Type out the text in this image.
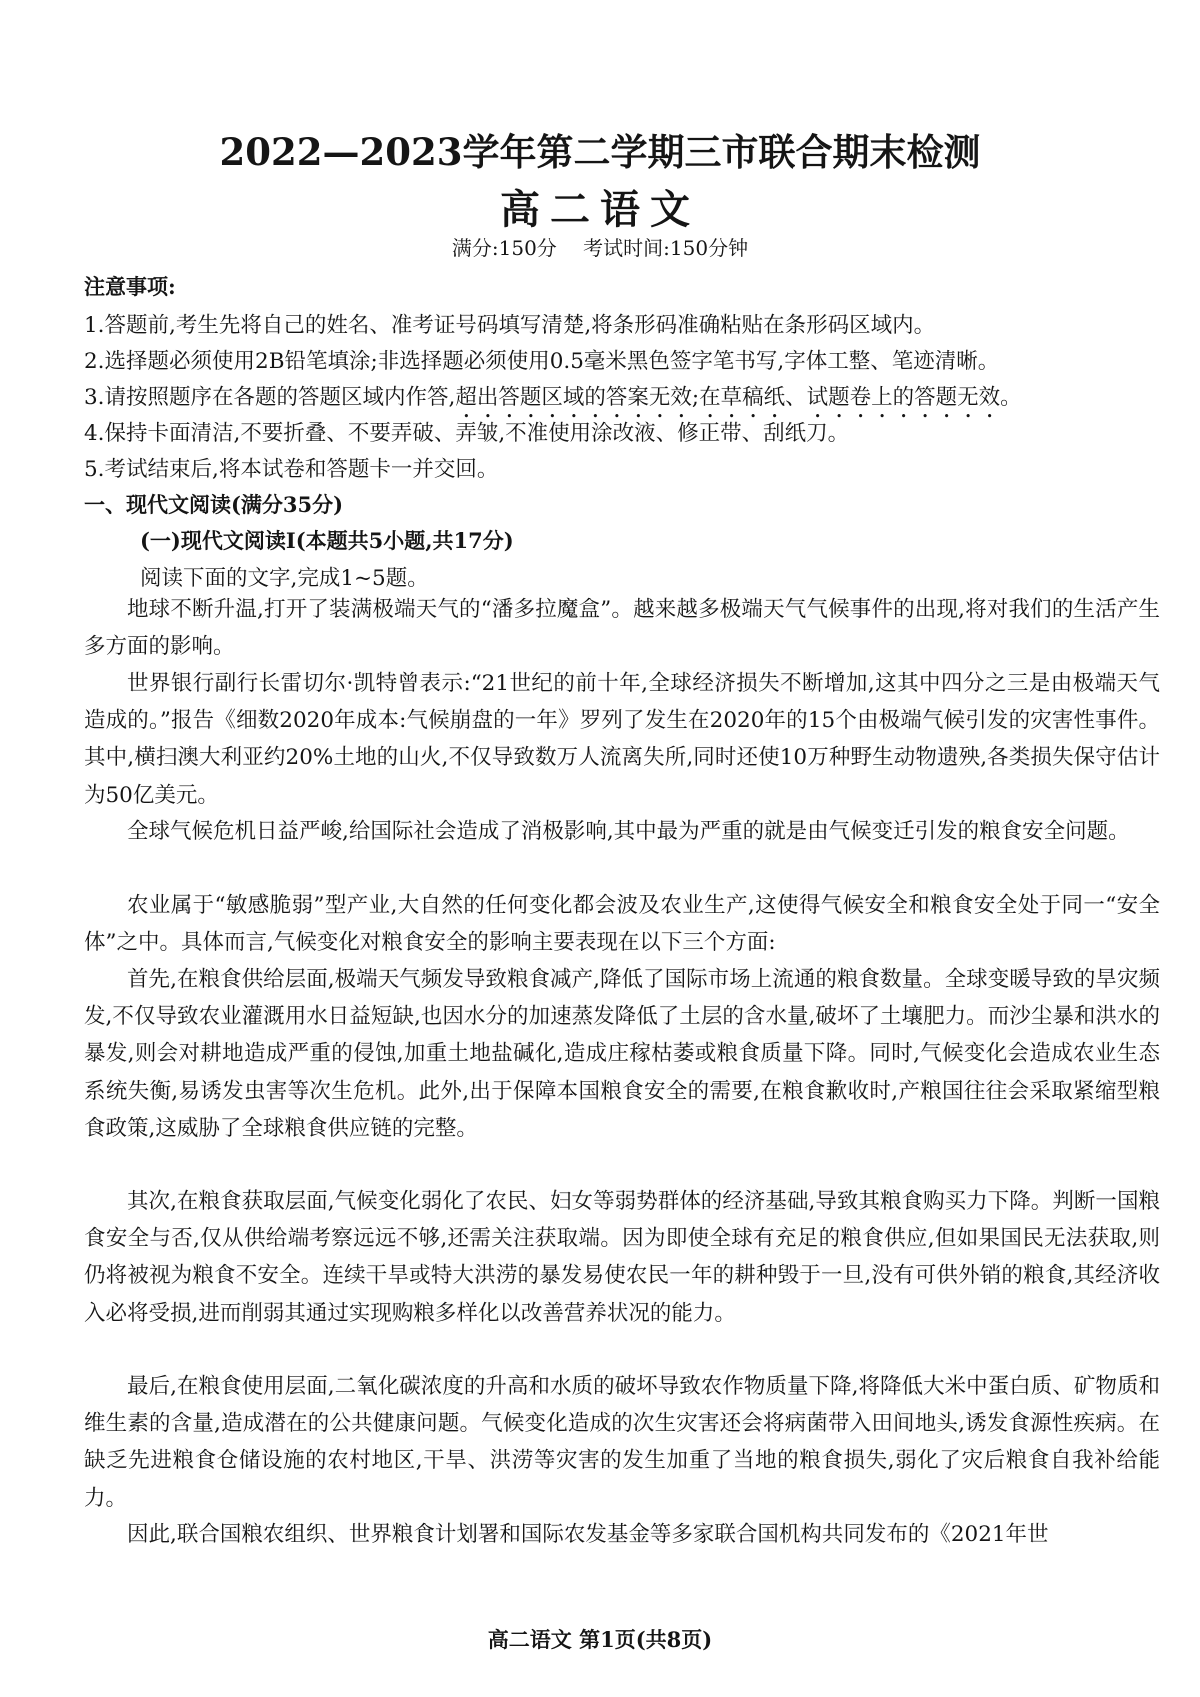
2022—2023学年第二学期三市联合期末检测
高二语文
满分:150分 考试时间:150分钟
注意事项:
1.答题前,考生先将自己的姓名、准考证号码填写清楚,将条形码准确粘贴在条形码区域内。
2.选择题必须使用2B铅笔填涂;非选择题必须使用0.5毫米黑色签字笔书写,字体工整、笔迹清晰。
3.请按照题序在各题的答题区域内作答,超出答题区域的答案无效;在草稿纸、试题卷上的答题无效。
4.保持卡面清洁,不要折叠、不要弄破、弄皱,不准使用涂改液、修正带、刮纸刀。
5.考试结束后,将本试卷和答题卡一并交回。
一、现代文阅读(满分35分)
(一)现代文阅读Ⅰ(本题共5小题,共17分)
阅读下面的文字,完成1~5题。
地球不断升温,打开了装满极端天气的“潘多拉魔盒”。越来越多极端天气气候事件的出现,将对我们的生活产生多方面的影响。
世界银行副行长雷切尔·凯特曾表示:“21世纪的前十年,全球经济损失不断增加,这其中四分之三是由极端天气造成的。”报告《细数2020年成本:气候崩盘的一年》罗列了发生在2020年的15个由极端气候引发的灾害性事件。其中,横扫澳大利亚约20%土地的山火,不仅导致数万人流离失所,同时还使10万种野生动物遗殃,各类损失保守估计为50亿美元。
全球气候危机日益严峻,给国际社会造成了消极影响,其中最为严重的就是由气候变迁引发的粮食安全问题。
农业属于“敏感脆弱”型产业,大自然的任何变化都会波及农业生产,这使得气候安全和粮食安全处于同一“安全体”之中。具体而言,气候变化对粮食安全的影响主要表现在以下三个方面:
首先,在粮食供给层面,极端天气频发导致粮食减产,降低了国际市场上流通的粮食数量。全球变暖导致的旱灾频发,不仅导致农业灌溉用水日益短缺,也因水分的加速蒸发降低了土层的含水量,破坏了土壤肥力。而沙尘暴和洪水的暴发,则会对耕地造成严重的侵蚀,加重土地盐碱化,造成庄稼枯萎或粮食质量下降。同时,气候变化会造成农业生态系统失衡,易诱发虫害等次生危机。此外,出于保障本国粮食安全的需要,在粮食歉收时,产粮国往往会采取紧缩型粮食政策,这威胁了全球粮食供应链的完整。
其次,在粮食获取层面,气候变化弱化了农民、妇女等弱势群体的经济基础,导致其粮食购买力下降。判断一国粮食安全与否,仅从供给端考察远远不够,还需关注获取端。因为即使全球有充足的粮食供应,但如果国民无法获取,则仍将被视为粮食不安全。连续干旱或特大洪涝的暴发易使农民一年的耕种毁于一旦,没有可供外销的粮食,其经济收入必将受损,进而削弱其通过实现购粮多样化以改善营养状况的能力。
最后,在粮食使用层面,二氧化碳浓度的升高和水质的破坏导致农作物质量下降,将降低大米中蛋白质、矿物质和维生素的含量,造成潜在的公共健康问题。气候变化造成的次生灾害还会将病菌带入田间地头,诱发食源性疾病。在缺乏先进粮食仓储设施的农村地区,干旱、洪涝等灾害的发生加重了当地的粮食损失,弱化了灾后粮食自我补给能力。
因此,联合国粮农组织、世界粮食计划署和国际农发基金等多家联合国机构共同发布的《2021年世
高二语文 第1页(共8页)
